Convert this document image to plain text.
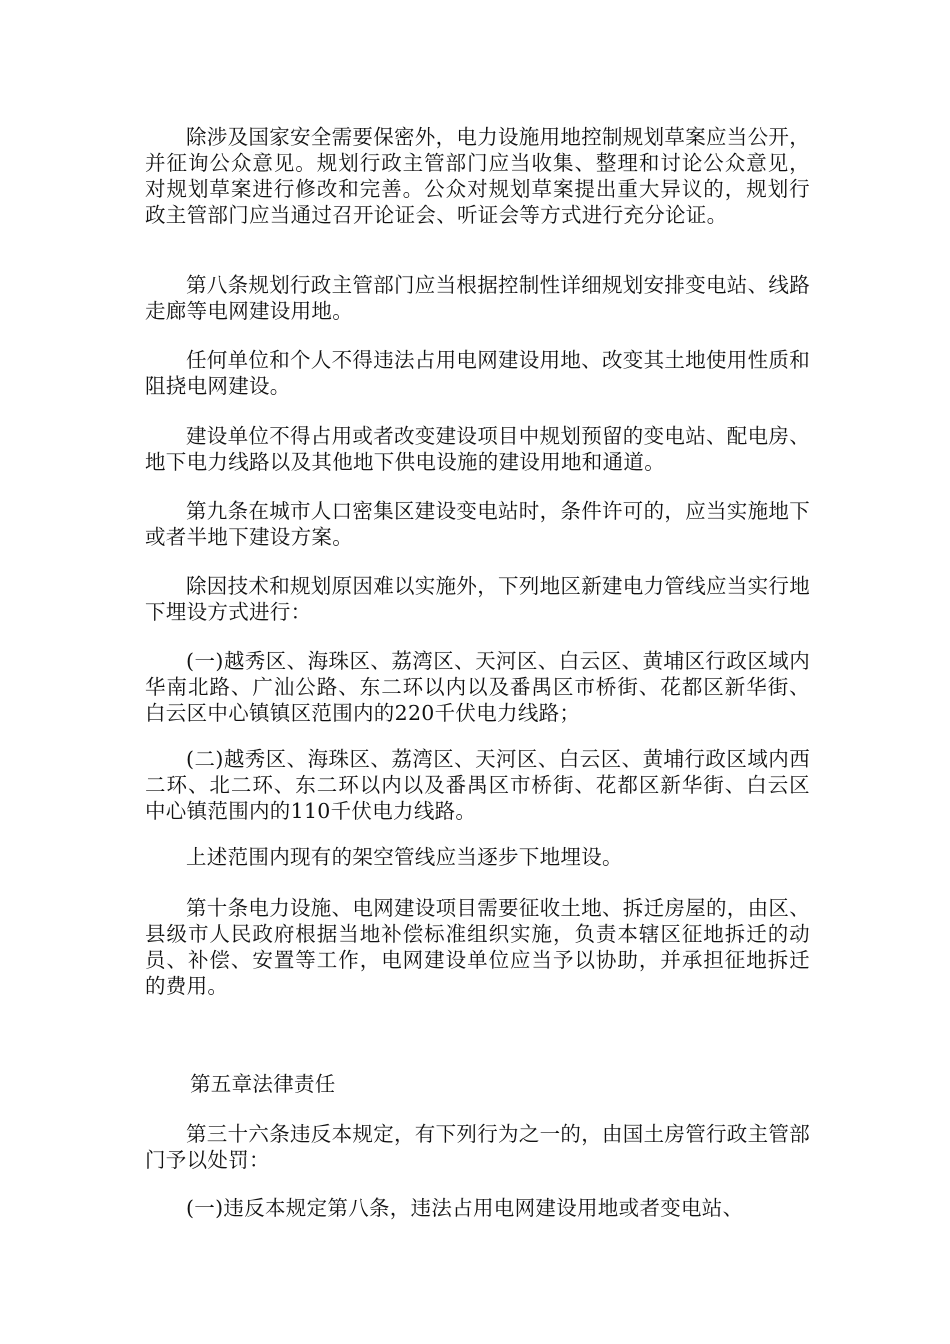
除涉及国家安全需要保密外，电力设施用地控制规划草案应当公开，并征询公众意见。规划行政主管部门应当收集、整理和讨论公众意见，对规划草案进行修改和完善。公众对规划草案提出重大异议的，规划行政主管部门应当通过召开论证会、听证会等方式进行充分论证。

第八条规划行政主管部门应当根据控制性详细规划安排变电站、线路走廊等电网建设用地。

任何单位和个人不得违法占用电网建设用地、改变其土地使用性质和阻挠电网建设。

建设单位不得占用或者改变建设项目中规划预留的变电站、配电房、地下电力线路以及其他地下供电设施的建设用地和通道。

第九条在城市人口密集区建设变电站时，条件许可的，应当实施地下或者半地下建设方案。

除因技术和规划原因难以实施外，下列地区新建电力管线应当实行地下埋设方式进行：

(一)越秀区、海珠区、荔湾区、天河区、白云区、黄埔区行政区域内华南北路、广汕公路、东二环以内以及番禺区市桥街、花都区新华街、白云区中心镇镇区范围内的220千伏电力线路；

(二)越秀区、海珠区、荔湾区、天河区、白云区、黄埔行政区域内西二环、北二环、东二环以内以及番禺区市桥街、花都区新华街、白云区中心镇范围内的110千伏电力线路。

上述范围内现有的架空管线应当逐步下地埋设。

第十条电力设施、电网建设项目需要征收土地、拆迁房屋的，由区、县级市人民政府根据当地补偿标准组织实施，负责本辖区征地拆迁的动员、补偿、安置等工作，电网建设单位应当予以协助，并承担征地拆迁的费用。

第五章法律责任

第三十六条违反本规定，有下列行为之一的，由国土房管行政主管部门予以处罚：

(一)违反本规定第八条，违法占用电网建设用地或者变电站、
